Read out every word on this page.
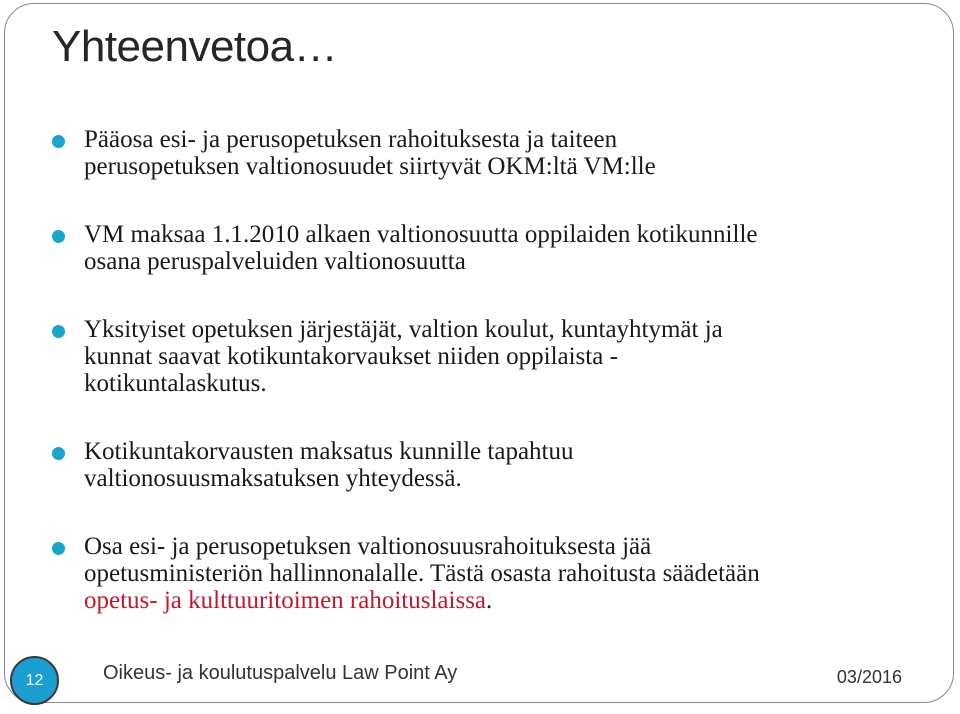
Yhteenvetoa…
Pääosa esi- ja perusopetuksen rahoituksesta ja taiteen
perusopetuksen valtionosuudet siirtyvät OKM:ltä VM:lle
VM maksaa 1.1.2010 alkaen valtionosuutta oppilaiden kotikunnille
osana peruspalveluiden valtionosuutta
Yksityiset opetuksen järjestäjät, valtion koulut, kuntayhtymät ja
kunnat saavat kotikuntakorvaukset niiden oppilaista -
kotikuntalaskutus.
Kotikuntakorvausten maksatus kunnille tapahtuu
valtionosuusmaksatuksen yhteydessä.
Osa esi- ja perusopetuksen valtionosuusrahoituksesta jää
opetusministeriön hallinnonalalle. Tästä osasta rahoitusta säädetään
opetus- ja kulttuuritoimen rahoituslaissa.
12	Oikeus- ja koulutuspalvelu Law Point Ay	03/2016
